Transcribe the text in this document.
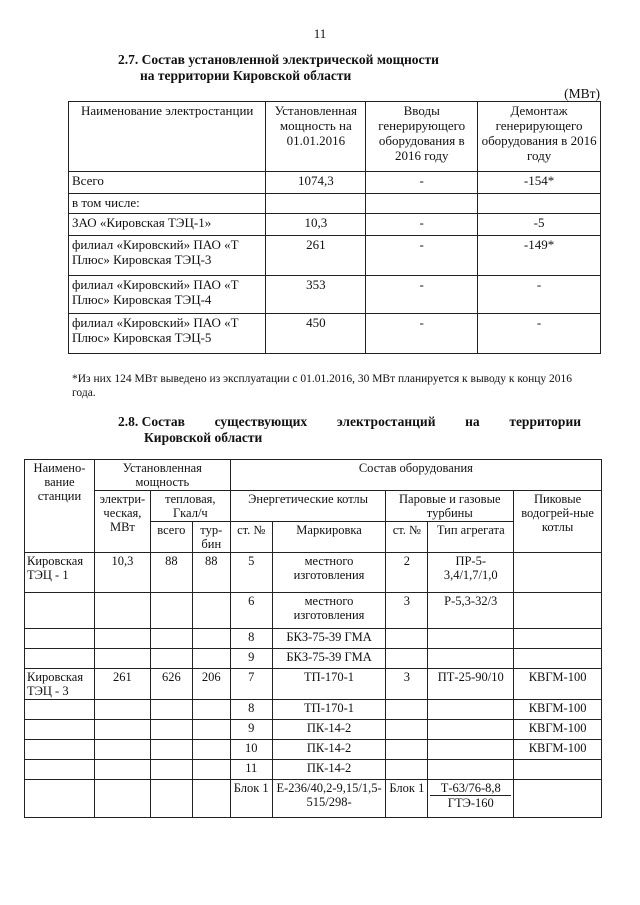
11
2.7. Состав установленной электрической мощности
на территории Кировской области
(МВт)
Наименование электростанции	Установленная мощность на 01.01.2016	Вводы генерирующего оборудования в 2016 году	Демонтаж генерирующего оборудования в 2016 году
Всего	1074,3	-	-154*
в том числе:			
ЗАО «Кировская ТЭЦ-1»	10,3	-	-5
филиал «Кировский» ПАО «Т Плюс» Кировская ТЭЦ-3	261	-	-149*
филиал «Кировский» ПАО «Т Плюс» Кировская ТЭЦ-4	353	-	-
филиал «Кировский» ПАО «Т Плюс» Кировская ТЭЦ-5	450	-	-
*Из них 124 МВт выведено из эксплуатации с 01.01.2016, 30 МВт планируется к выводу к концу 2016 года.
2.8. Состав существующих электростанций на территории
Кировской области
Наимено-вание станции	Установленная мощность			Состав оборудования				
	электри-ческая, МВт	тепловая, Гкал/ч		Энергетические котлы		Паровые и газовые турбины		Пиковые водогрей-ные котлы
		всего	тур-бин	ст. №	Маркировка	ст. №	Тип агрегата	
Кировская ТЭЦ - 1	10,3	88	88	5	местного изготовления	2	ПР-5-3,4/1,7/1,0	
				6	местного изготовления	3	Р-5,3-32/3	
				8	БКЗ-75-39 ГМА			
				9	БКЗ-75-39 ГМА			
Кировская ТЭЦ - 3	261	626	206	7	ТП-170-1	3	ПТ-25-90/10	КВГМ-100
				8	ТП-170-1			КВГМ-100
				9	ПК-14-2			КВГМ-100
				10	ПК-14-2			КВГМ-100
				11	ПК-14-2			
				Блок 1	Е-236/40,2-9,15/1,5-515/298-	Блок 1	Т-63/76-8,8
ГТЭ-160	
